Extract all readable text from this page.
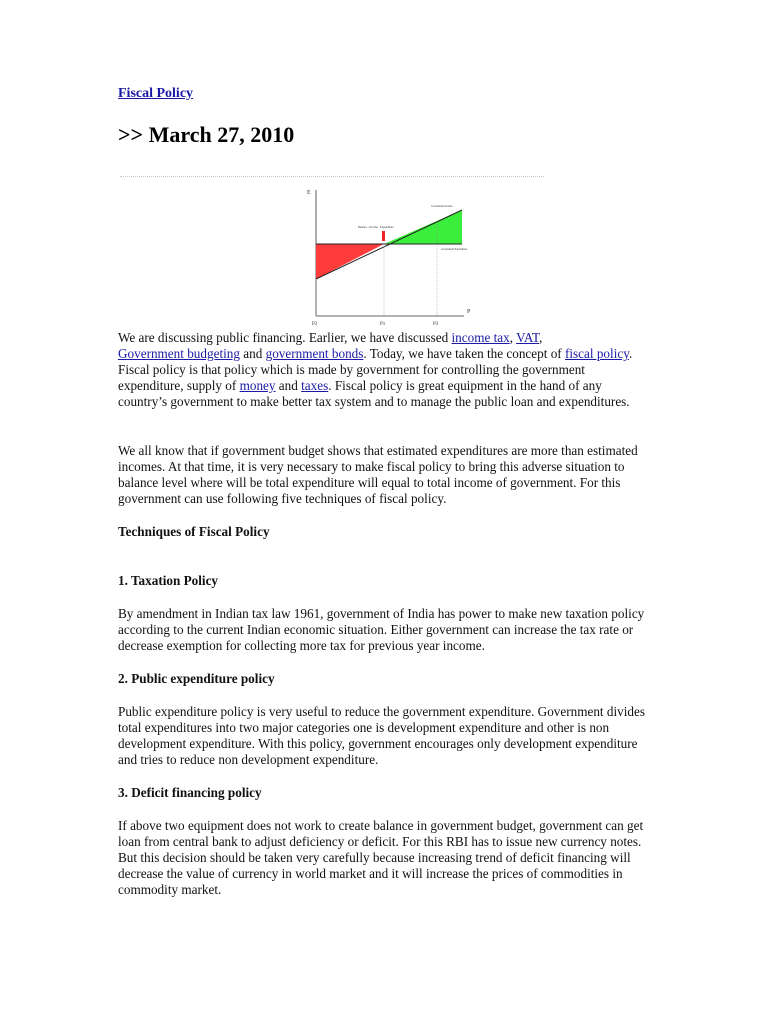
Fiscal Policy
>> March 27, 2010
E
P
Balance - Income - Expenditure
Government Income
Government Expenditure
P2	P1	P3

We are discussing public financing. Earlier, we have discussed income tax, VAT,
Government budgeting and government bonds. Today, we have taken the concept of fiscal policy. Fiscal policy is that policy which is made by government for controlling the government expenditure, supply of money and taxes. Fiscal policy is great equipment in the hand of any country’s government to make better tax system and to manage the public loan and expenditures.

We all know that if government budget shows that estimated expenditures are more than estimated incomes. At that time, it is very necessary to make fiscal policy to bring this adverse situation to balance level where will be total expenditure will equal to total income of government. For this government can use following five techniques of fiscal policy.

Techniques of Fiscal Policy
1. Taxation Policy

By amendment in Indian tax law 1961, government of India has power to make new taxation policy according to the current Indian economic situation. Either government can increase the tax rate or decrease exemption for collecting more tax for previous year income.

2. Public expenditure policy

Public expenditure policy is very useful to reduce the government expenditure. Government divides total expenditures into two major categories one is development expenditure and other is non development expenditure. With this policy, government encourages only development expenditure and tries to reduce non development expenditure.

3. Deficit financing policy

If above two equipment does not work to create balance in government budget, government can get loan from central bank to adjust deficiency or deficit. For this RBI has to issue new currency notes. But this decision should be taken very carefully because increasing trend of deficit financing will decrease the value of currency in world market and it will increase the prices of commodities in commodity market.
